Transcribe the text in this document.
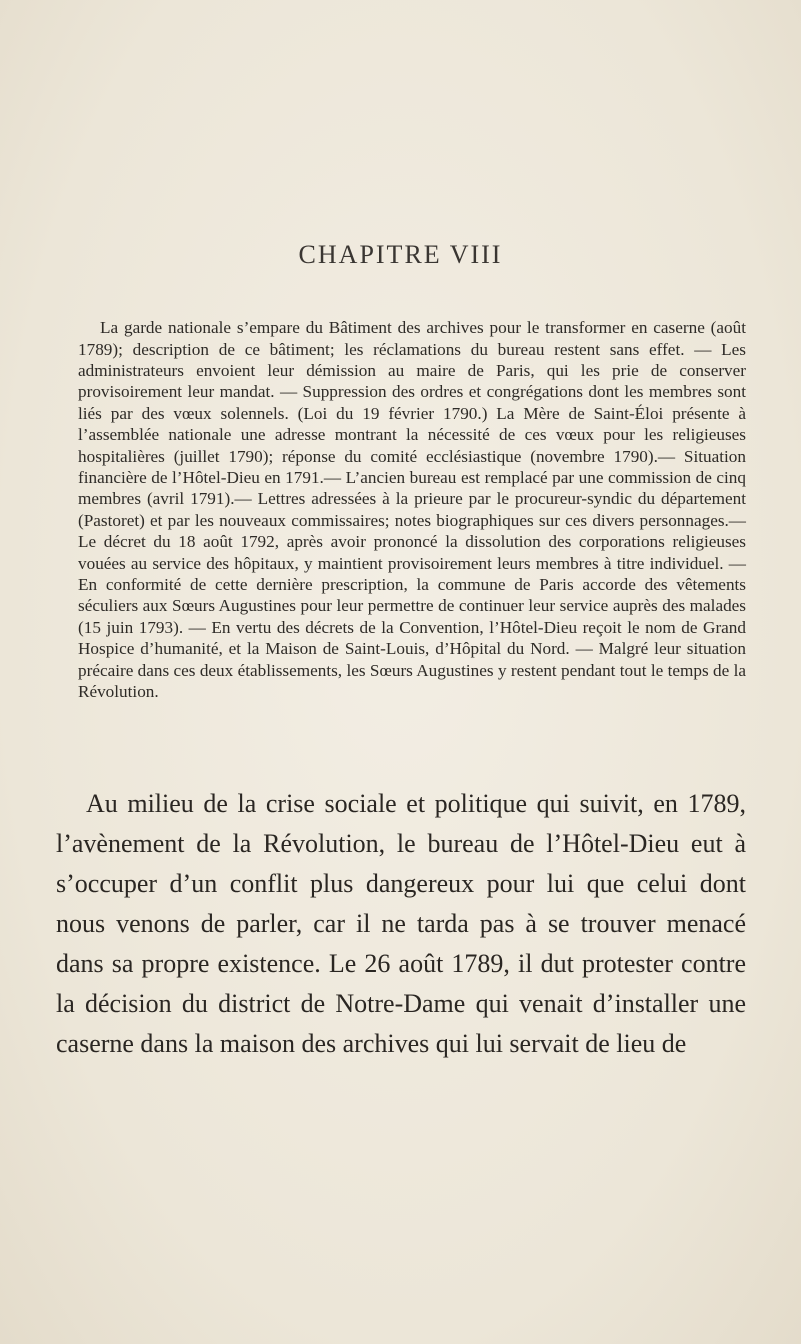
CHAPITRE VIII

La garde nationale s’empare du Bâtiment des archives pour le transformer en caserne (août 1789); description de ce bâtiment; les réclamations du bureau restent sans effet. — Les administrateurs envoient leur démission au maire de Paris, qui les prie de conserver provisoirement leur mandat. — Suppression des ordres et congrégations dont les membres sont liés par des vœux solennels. (Loi du 19 février 1790.) La Mère de Saint-Éloi présente à l’assemblée nationale une adresse montrant la nécessité de ces vœux pour les religieuses hospitalières (juillet 1790); réponse du comité ecclésiastique (novembre 1790).— Situation financière de l’Hôtel-Dieu en 1791.— L’ancien bureau est remplacé par une commission de cinq membres (avril 1791).— Lettres adressées à la prieure par le procureur-syndic du département (Pastoret) et par les nouveaux commissaires; notes biographiques sur ces divers personnages.— Le décret du 18 août 1792, après avoir prononcé la dissolution des corporations religieuses vouées au service des hôpitaux, y maintient provisoirement leurs membres à titre individuel. — En conformité de cette dernière prescription, la commune de Paris accorde des vêtements séculiers aux Sœurs Augustines pour leur permettre de continuer leur service auprès des malades (15 juin 1793). — En vertu des décrets de la Convention, l’Hôtel-Dieu reçoit le nom de Grand Hospice d’humanité, et la Maison de Saint-Louis, d’Hôpital du Nord. — Malgré leur situation précaire dans ces deux établissements, les Sœurs Augustines y restent pendant tout le temps de la Révolution.

Au milieu de la crise sociale et politique qui suivit, en 1789, l’avènement de la Révolution, le bureau de l’Hôtel-Dieu eut à s’occuper d’un conflit plus dangereux pour lui que celui dont nous venons de parler, car il ne tarda pas à se trouver menacé dans sa propre existence. Le 26 août 1789, il dut protester contre la décision du district de Notre-Dame qui venait d’installer une caserne dans la maison des archives qui lui servait de lieu de
